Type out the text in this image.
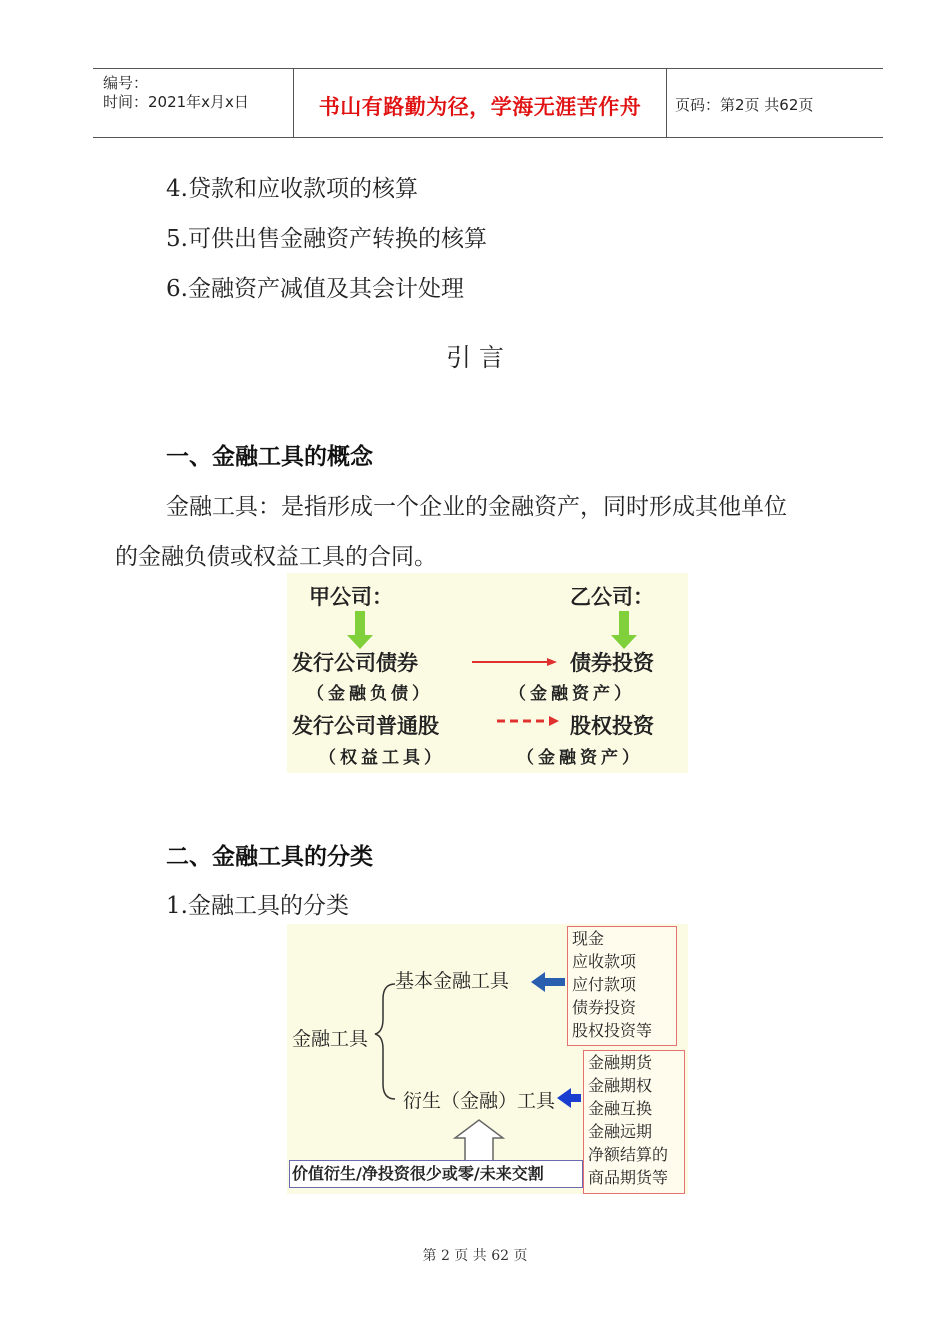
编号：
时间：2021年x月x日	书山有路勤为径，学海无涯苦作舟	页码：第2页 共62页
4.贷款和应收款项的核算
5.可供出售金融资产转换的核算
6.金融资产减值及其会计处理
引 言
一、金融工具的概念
金融工具：是指形成一个企业的金融资产，同时形成其他单位
的金融负债或权益工具的合同。
甲公司：	乙公司：
发行公司债券	债券投资
（金融负债）	（金融资产）
发行公司普通股	股权投资
（权益工具）	（金融资产）
二、金融工具的分类
1.金融工具的分类
金融工具
基本金融工具
衍生（金融）工具
现金
应收款项
应付款项
债券投资
股权投资等
金融期货
金融期权
金融互换
金融远期
净额结算的
商品期货等
价值衍生/净投资很少或零/未来交割
第 2 页 共 62 页
